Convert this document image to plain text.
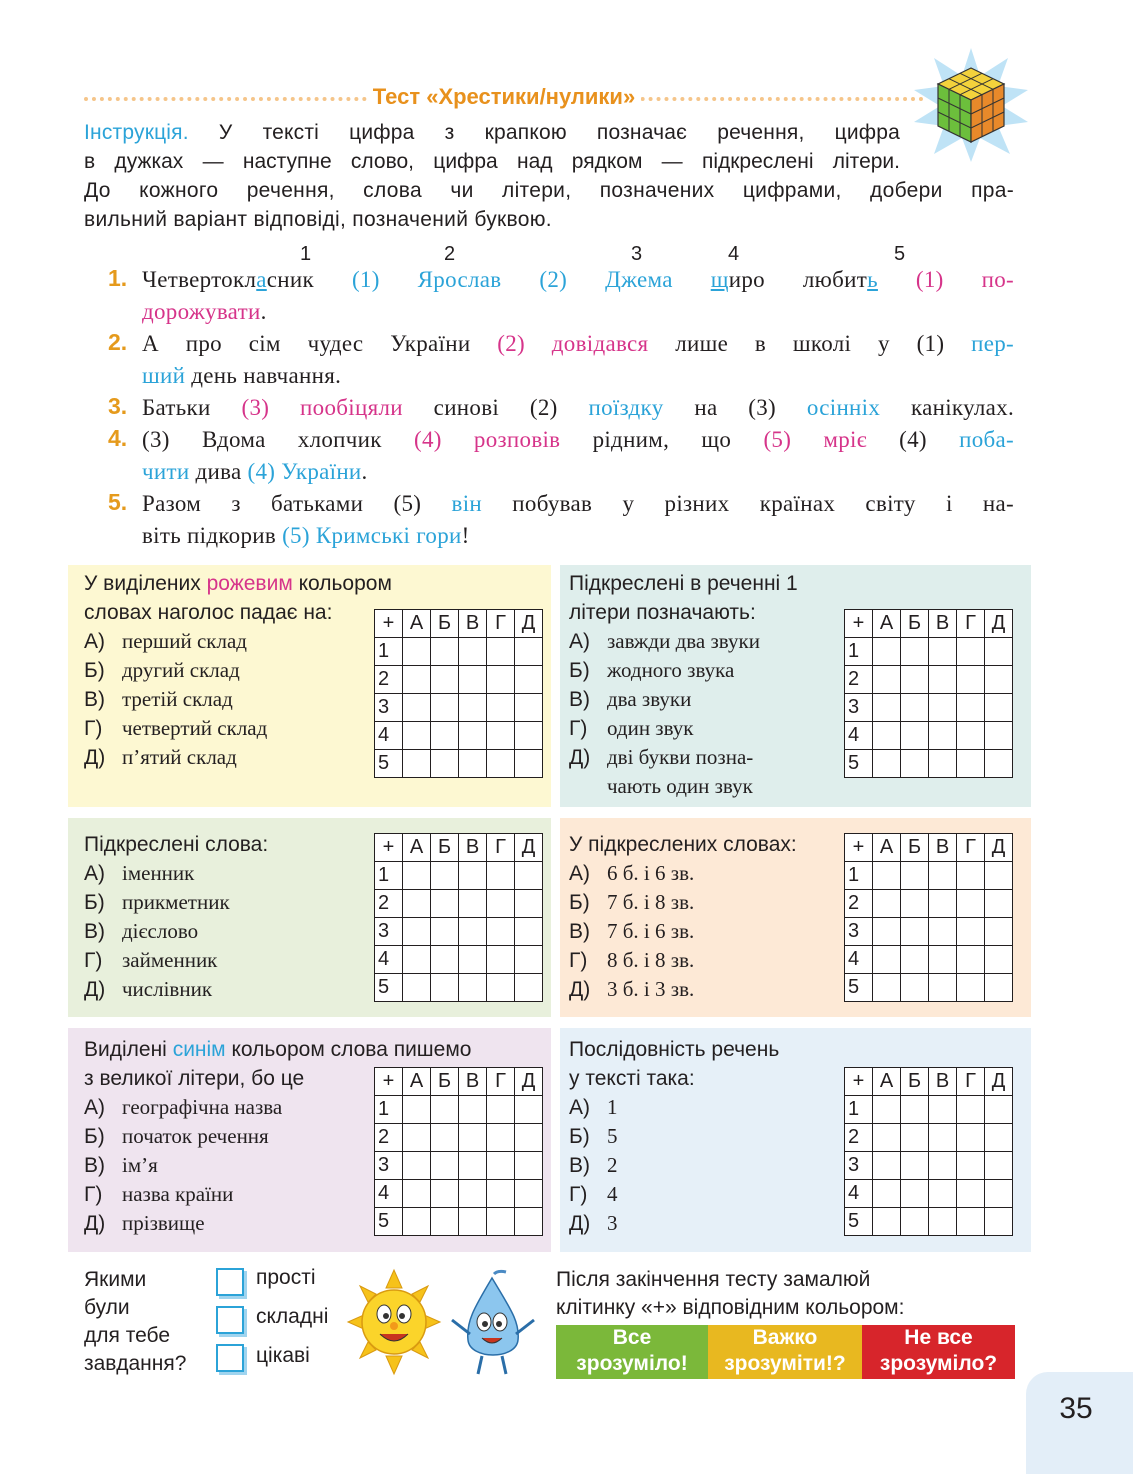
Тест «Хрестики/нулики»
Інструкція. У тексті цифра з крапкою позначає речення, цифра
в дужках — наступне слово, цифра над рядком — підкреслені літери.
До кожного речення, слова чи літери, позначених цифрами, добери пра-
вильний варіант відповіді, позначений буквою.
1	2	3	4	5
1. Четвертокласник (1) Ярослав (2) Джема щиро любить (1) по-
дорожувати.
2. А про сім чудес України (2) довідався лише в школі у (1) пер-
ший день навчання.
3. Батьки (3) пообіцяли синові (2) поїздку на (3) осінніх канікулах.
4. (3) Вдома хлопчик (4) розповів рідним, що (5) мріє (4) поба-
чити дива (4) України.
5. Разом з батьками (5) він побував у різних країнах світу і на-
віть підкорив (5) Кримські гори!
У виділених рожевим кольором
словах наголос падає на:
А) перший склад
Б) другий склад
В) третій склад
Г) четвертий склад
Д) п’ятий склад
Підкреслені в реченні 1
літери позначають:
А) завжди два звуки
Б) жодного звука
В) два звуки
Г) один звук
Д) дві букви позна-
чають один звук
Підкреслені слова:
А) іменник
Б) прикметник
В) дієслово
Г) займенник
Д) числівник
У підкреслених словах:
А) 6 б. і 6 зв.
Б) 7 б. і 8 зв.
В) 7 б. і 6 зв.
Г) 8 б. і 8 зв.
Д) 3 б. і 3 зв.
Виділені синім кольором слова пишемо
з великої літери, бо це
А) географічна назва
Б) початок речення
В) ім’я
Г) назва країни
Д) прізвище
Послідовність речень
у тексті така:
А) 1
Б) 5
В) 2
Г) 4
Д) 3
+	А	Б	В	Г	Д
1					
2					
3					
4					
5					
+	А	Б	В	Г	Д
1					
2					
3					
4					
5					
+	А	Б	В	Г	Д
1					
2					
3					
4					
5					
+	А	Б	В	Г	Д
1					
2					
3					
4					
5					
+	А	Б	В	Г	Д
1					
2					
3					
4					
5					
+	А	Б	В	Г	Д
1					
2					
3					
4					
5					
Якими
були
для тебе
завдання?
прості
складні
цікаві
Після закінчення тесту замалюй
клітинку «+» відповідним кольором:
Все
зрозуміло!
Важко
зрозуміти!?
Не все
зрозуміло?
35
